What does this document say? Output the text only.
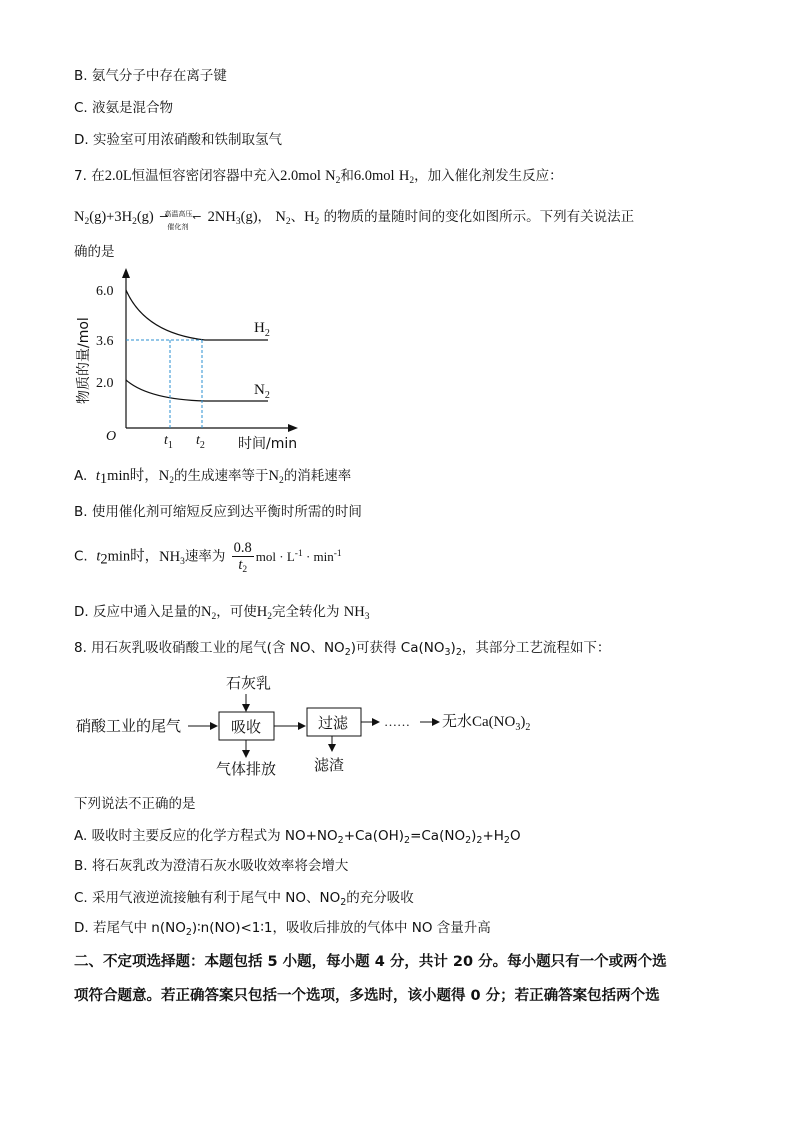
B. 氨气分子中存在离子键
C. 液氨是混合物
D. 实验室可用浓硝酸和铁制取氢气
7. 在2.0L恒温恒容密闭容器中充入2.0mol $N_2$和6.0mol $H_2$，加入催化剂发生反应：
$N_2(g)+3H_2(g)$ ⇀
高温高压
催化剂
↽ $2NH_3(g)$， $N_2$、$H_2$ 的物质的量随时间的变化如图所示。下列有关说法正
确的是
6.0
3.6
2.0
O
物质的量/mol	$H_2$
$N_2$
$t_1$ $t_2$ 时间/min
A. $t_1\min$时，$N_2$的生成速率等于$N_2$的消耗速率
B. 使用催化剂可缩短反应到达平衡时所需的时间
C. $t_2\min$时，$NH_3$速率为 $\frac{0.8}{t_2}$ mol · $L^{-1} \cdot \min^{-1}$
D. 反应中通入足量的$N_2$，可使$H_2$完全转化为 $NH_3$
8. 用石灰乳吸收硝酸工业的尾气(含 NO、$NO_2$)可获得 $Ca(NO_3)_2$，其部分工艺流程如下：
石灰乳
硝酸工业的尾气	吸收	过滤	…… 无水$Ca(NO_3)_2$
气体排放	滤渣
下列说法不正确的是
A. 吸收时主要反应的化学方程式为 $NO+NO_2+Ca(OH)_2=Ca(NO_2)_2+H_2O$
B. 将石灰乳改为澄清石灰水吸收效率将会增大
C. 采用气液逆流接触有利于尾气中 NO、$NO_2$的充分吸收
D. 若尾气中 $n(NO_2)∶n(NO)<1∶1$，吸收后排放的气体中 NO 含量升高
二、不定项选择题：本题包括 5 小题，每小题 4 分，共计 20 分。每小题只有一个或两个选
项符合题意。若正确答案只包括一个选项，多选时，该小题得 0 分；若正确答案包括两个选
